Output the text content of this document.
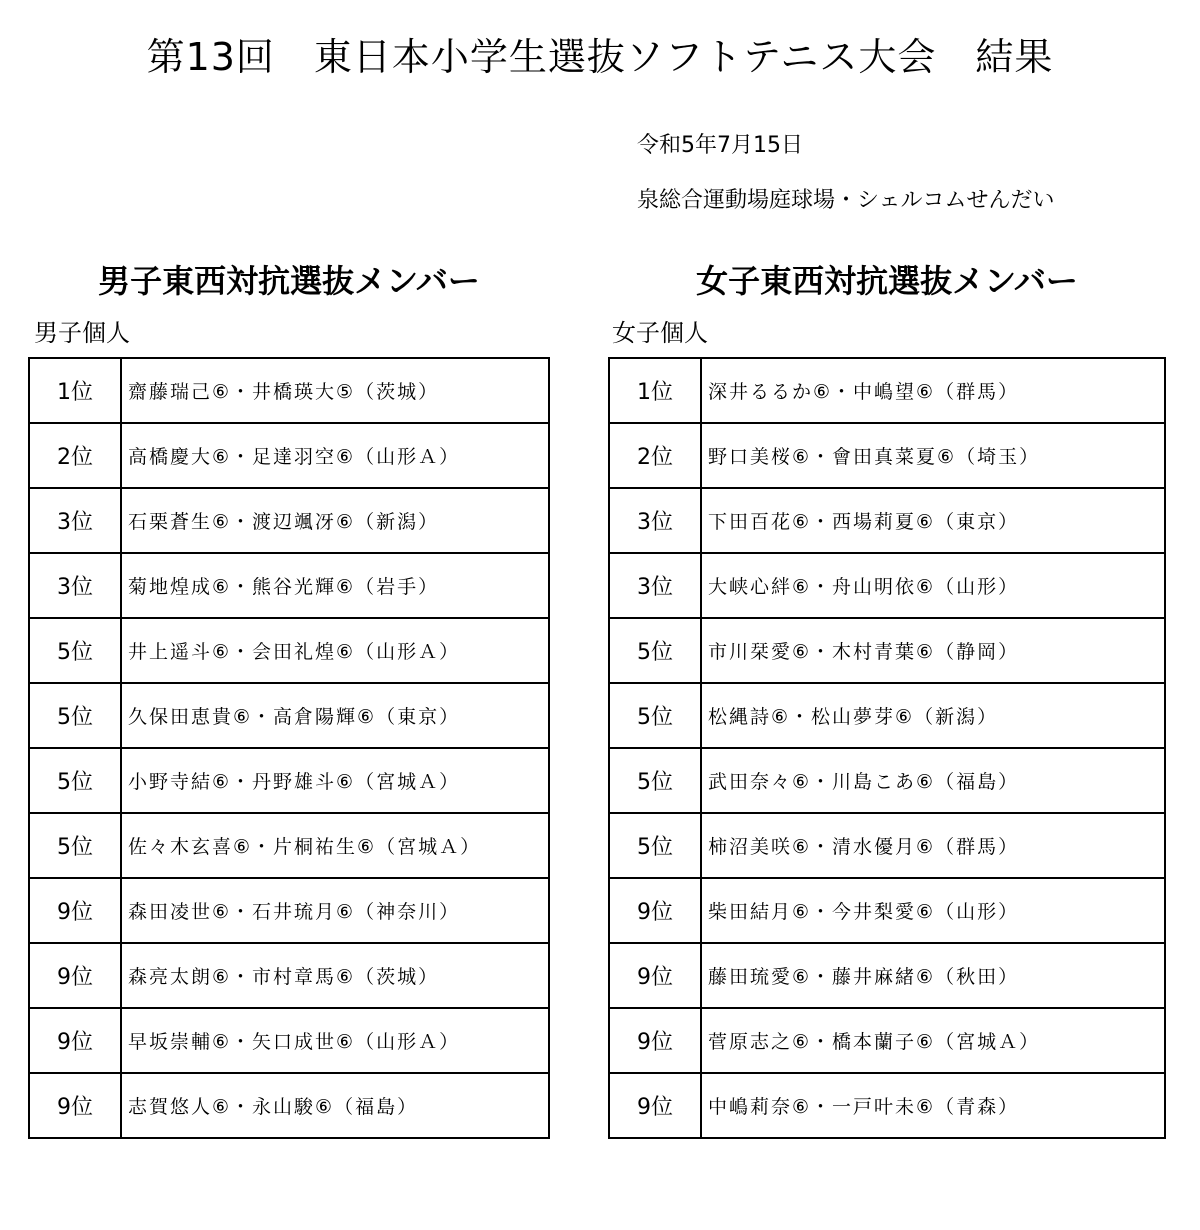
第13回　東日本小学生選抜ソフトテニス大会　結果
令和5年7月15日
泉総合運動場庭球場・シェルコムせんだい
男子東西対抗選抜メンバー
男子個人
女子東西対抗選抜メンバー
女子個人
1位	齋藤瑞己⑥・井橋瑛大⑤（茨城）
2位	高橋慶大⑥・足達羽空⑥（山形Ａ）
3位	石栗蒼生⑥・渡辺颯冴⑥（新潟）
3位	菊地煌成⑥・熊谷光輝⑥（岩手）
5位	井上遥斗⑥・会田礼煌⑥（山形Ａ）
5位	久保田恵貴⑥・高倉陽輝⑥（東京）
5位	小野寺結⑥・丹野雄斗⑥（宮城Ａ）
5位	佐々木玄喜⑥・片桐祐生⑥（宮城Ａ）
9位	森田凌世⑥・石井琉月⑥（神奈川）
9位	森亮太朗⑥・市村章馬⑥（茨城）
9位	早坂崇輔⑥・矢口成世⑥（山形Ａ）
9位	志賀悠人⑥・永山駿⑥（福島）
1位	深井るるか⑥・中嶋望⑥（群馬）
2位	野口美桜⑥・會田真菜夏⑥（埼玉）
3位	下田百花⑥・西場莉夏⑥（東京）
3位	大峡心絆⑥・舟山明依⑥（山形）
5位	市川栞愛⑥・木村青葉⑥（静岡）
5位	松縄詩⑥・松山夢芽⑥（新潟）
5位	武田奈々⑥・川島こあ⑥（福島）
5位	柿沼美咲⑥・清水優月⑥（群馬）
9位	柴田結月⑥・今井梨愛⑥（山形）
9位	藤田琉愛⑥・藤井麻緒⑥（秋田）
9位	菅原志之⑥・橋本蘭子⑥（宮城Ａ）
9位	中嶋莉奈⑥・一戸叶未⑥（青森）
